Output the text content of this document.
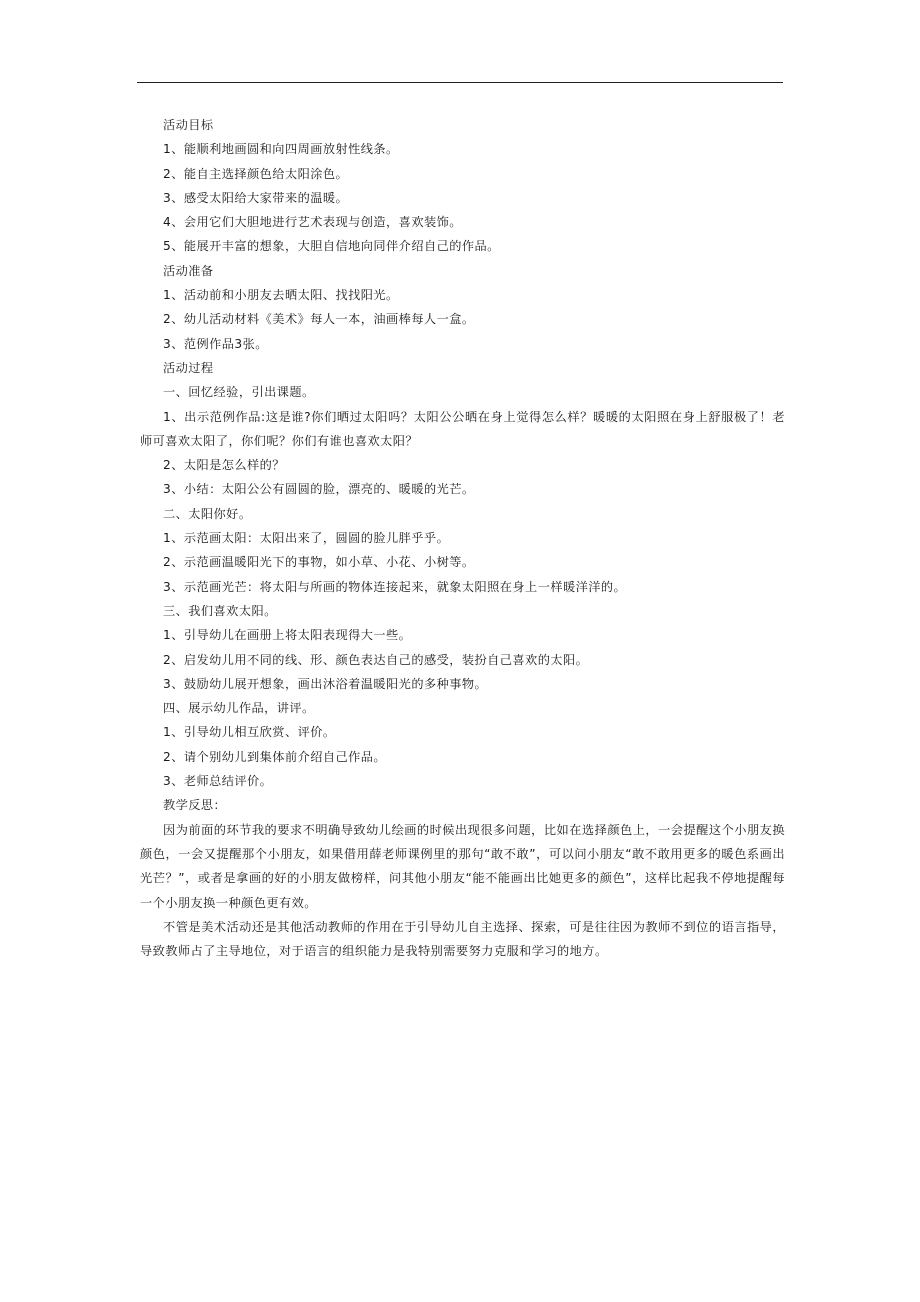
活动目标
1、能顺利地画圆和向四周画放射性线条。
2、能自主选择颜色给太阳涂色。
3、感受太阳给大家带来的温暖。
4、会用它们大胆地进行艺术表现与创造，喜欢装饰。
5、能展开丰富的想象，大胆自信地向同伴介绍自己的作品。
活动准备
1、活动前和小朋友去晒太阳、找找阳光。
2、幼儿活动材料《美术》每人一本，油画棒每人一盒。
3、范例作品3张。
活动过程
一、回忆经验，引出课题。
1、出示范例作品:这是谁?你们晒过太阳吗？太阳公公晒在身上觉得怎么样？暖暖的太阳照在身上舒服极了！老师可喜欢太阳了，你们呢？你们有谁也喜欢太阳？
2、太阳是怎么样的？
3、小结：太阳公公有圆圆的脸，漂亮的、暖暖的光芒。
二、太阳你好。
1、示范画太阳：太阳出来了，圆圆的脸儿胖乎乎。
2、示范画温暖阳光下的事物，如小草、小花、小树等。
3、示范画光芒：将太阳与所画的物体连接起来，就象太阳照在身上一样暖洋洋的。
三、我们喜欢太阳。
1、引导幼儿在画册上将太阳表现得大一些。
2、启发幼儿用不同的线、形、颜色表达自己的感受，装扮自己喜欢的太阳。
3、鼓励幼儿展开想象，画出沐浴着温暖阳光的多种事物。
四、展示幼儿作品，讲评。
1、引导幼儿相互欣赏、评价。
2、请个别幼儿到集体前介绍自己作品。
3、老师总结评价。
教学反思：
因为前面的环节我的要求不明确导致幼儿绘画的时候出现很多问题，比如在选择颜色上，一会提醒这个小朋友换颜色，一会又提醒那个小朋友，如果借用薛老师课例里的那句“敢不敢”，可以问小朋友“敢不敢用更多的暖色系画出光芒？”，或者是拿画的好的小朋友做榜样，问其他小朋友“能不能画出比她更多的颜色”，这样比起我不停地提醒每一个小朋友换一种颜色更有效。
不管是美术活动还是其他活动教师的作用在于引导幼儿自主选择、探索，可是往往因为教师不到位的语言指导，导致教师占了主导地位，对于语言的组织能力是我特别需要努力克服和学习的地方。
